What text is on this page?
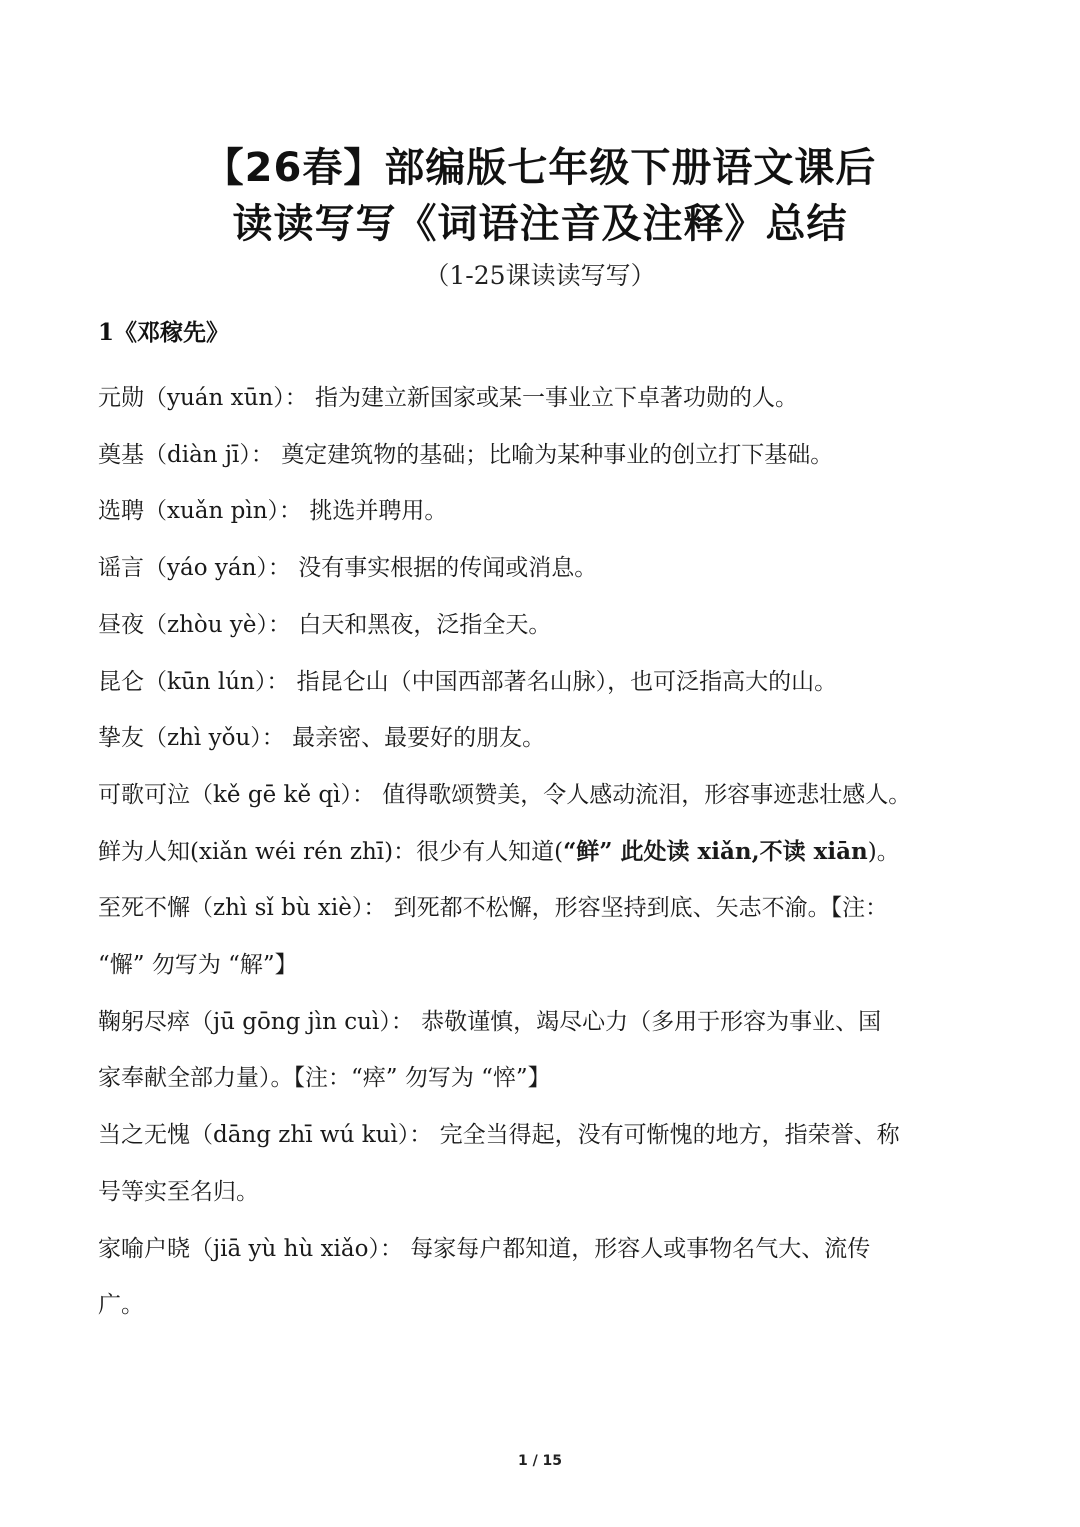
【26春】部编版七年级下册语文课后
读读写写《词语注音及注释》总结
（1-25课读读写写）
1《邓稼先》
元勋（yuán xūn）： 指为建立新国家或某一事业立下卓著功勋的人。
奠基（diàn jī）： 奠定建筑物的基础；比喻为某种事业的创立打下基础。
选聘（xuǎn pìn）： 挑选并聘用。
谣言（yáo yán）： 没有事实根据的传闻或消息。
昼夜（zhòu yè）： 白天和黑夜，泛指全天。
昆仑（kūn lún）： 指昆仑山（中国西部著名山脉），也可泛指高大的山。
挚友（zhì yǒu）： 最亲密、最要好的朋友。
可歌可泣（kě gē kě qì）： 值得歌颂赞美，令人感动流泪，形容事迹悲壮感人。
鲜为人知(xiǎn wéi rén zhī)：很少有人知道(“鲜” 此处读 xiǎn,不读 xiān)。
至死不懈（zhì sǐ bù xiè）： 到死都不松懈，形容坚持到底、矢志不渝。【注：
“懈” 勿写为 “解”】
鞠躬尽瘁（jū gōng jìn cuì）： 恭敬谨慎，竭尽心力（多用于形容为事业、国
家奉献全部力量）。【注：“瘁” 勿写为 “悴”】
当之无愧（dāng zhī wú kuì）： 完全当得起，没有可惭愧的地方，指荣誉、称
号等实至名归。
家喻户晓（jiā yù hù xiǎo）： 每家每户都知道，形容人或事物名气大、流传
广。
1 / 15
